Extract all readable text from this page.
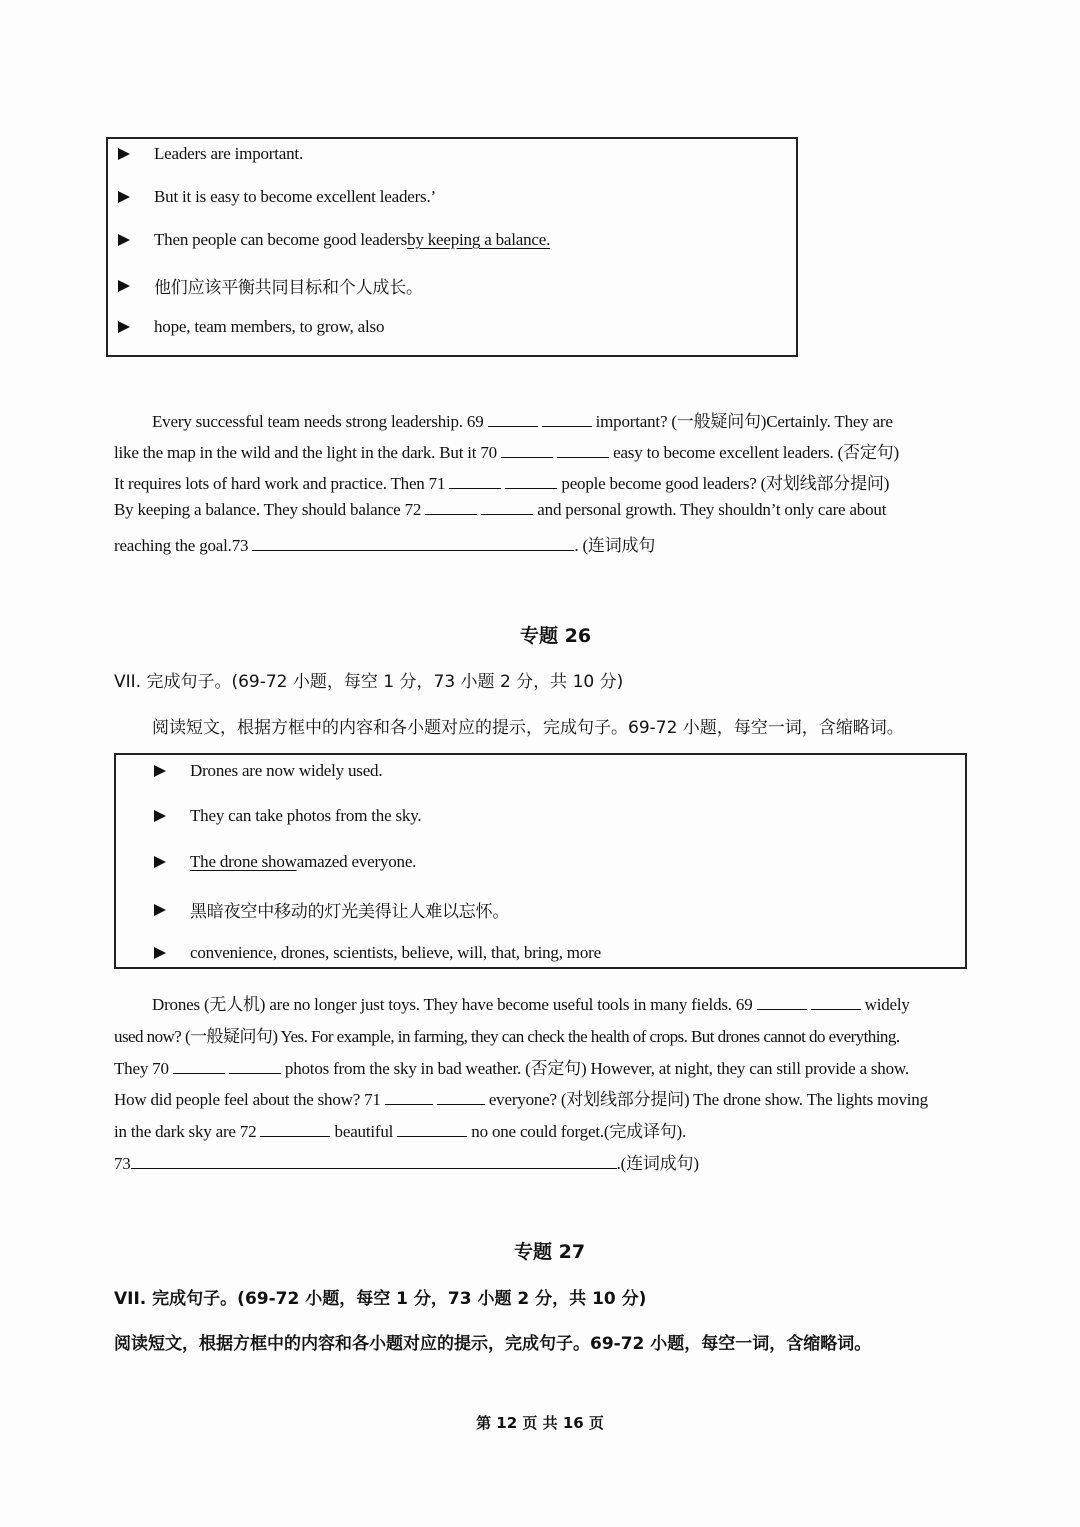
Leaders are important.
But it is easy to become excellent leaders.’
Then people can become good leaders by keeping a balance.
他们应该平衡共同目标和个人成长。
hope, team members, to grow, also
Every successful team needs strong leadership. 69	important? (一般疑问句)Certainly. They are
like the map in the wild and the light in the dark. But it 70	easy to become excellent leaders. (否定句)
It requires lots of hard work and practice. Then 71	people become good leaders? (对划线部分提问)
By keeping a balance. They should balance 72	and personal growth. They shouldn’t only care about
reaching the goal.73	. (连词成句
专题 26
VII. 完成句子。(69-72 小题，每空 1 分，73 小题 2 分，共 10 分)
阅读短文，根据方框中的内容和各小题对应的提示，完成句子。69-72 小题，每空一词，含缩略词。
Drones are now widely used.
They can take photos from the sky.
The drone show amazed everyone.
黑暗夜空中移动的灯光美得让人难以忘怀。
convenience, drones, scientists, believe, will, that, bring, more
Drones (无人机) are no longer just toys. They have become useful tools in many fields. 69	widely
used now? (一般疑问句) Yes. For example, in farming, they can check the health of crops. But drones cannot do everything.
They 70	photos from the sky in bad weather. (否定句) However, at night, they can still provide a show.
How did people feel about the show? 71	everyone? (对划线部分提问) The drone show. The lights moving
in the dark sky are 72	beautiful	no one could forget.(完成译句).
73	.(连词成句)
专题 27
VII. 完成句子。(69-72 小题，每空 1 分，73 小题 2 分，共 10 分)
阅读短文，根据方框中的内容和各小题对应的提示，完成句子。69-72 小题，每空一词，含缩略词。
第 12 页 共 16 页
